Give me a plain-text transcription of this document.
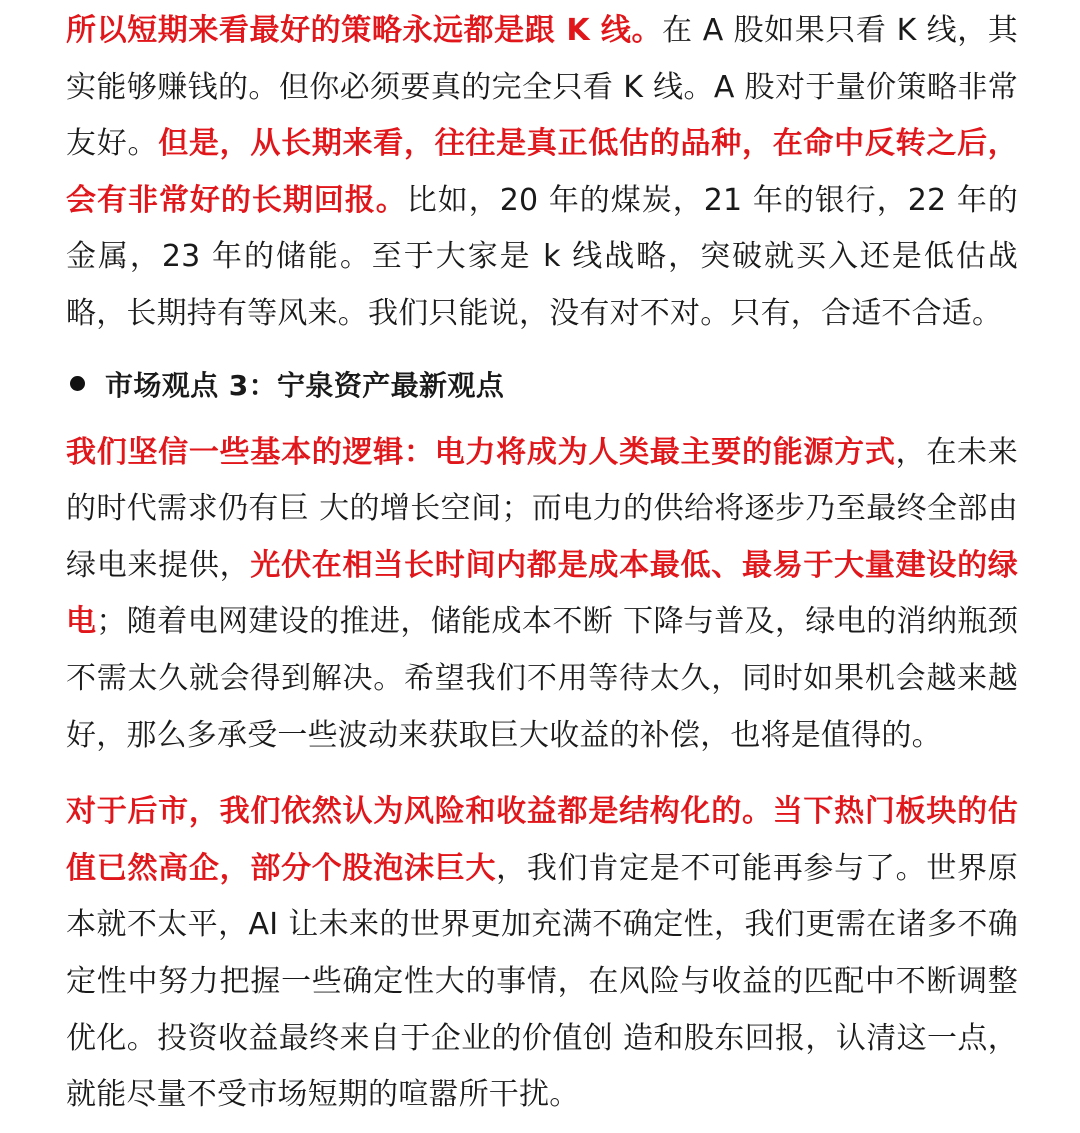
所以短期来看最好的策略永远都是跟 K 线。在 A 股如果只看 K 线，其实能够赚钱的。但你必须要真的完全只看 K 线。A 股对于量价策略非常友好。但是，从长期来看，往往是真正低估的品种，在命中反转之后，会有非常好的长期回报。比如，20 年的煤炭，21 年的银行，22 年的金属，23 年的储能。至于大家是 k 线战略，突破就买入还是低估战略，长期持有等风来。我们只能说，没有对不对。只有，合适不合适。

市场观点 3：宁泉资产最新观点

我们坚信一些基本的逻辑：电力将成为人类最主要的能源方式，在未来的时代需求仍有巨 大的增长空间；而电力的供给将逐步乃至最终全部由绿电来提供，光伏在相当长时间内都是成本最低、最易于大量建设的绿电；随着电网建设的推进，储能成本不断 下降与普及，绿电的消纳瓶颈不需太久就会得到解决。希望我们不用等待太久，同时如果机会越来越好，那么多承受一些波动来获取巨大收益的补偿，也将是值得的。

对于后市，我们依然认为风险和收益都是结构化的。当下热门板块的估值已然高企，部分个股泡沫巨大，我们肯定是不可能再参与了。世界原本就不太平，AI 让未来的世界更加充满不确定性，我们更需在诸多不确定性中努力把握一些确定性大的事情，在风险与收益的匹配中不断调整优化。投资收益最终来自于企业的价值创 造和股东回报，认清这一点，就能尽量不受市场短期的喧嚣所干扰。
